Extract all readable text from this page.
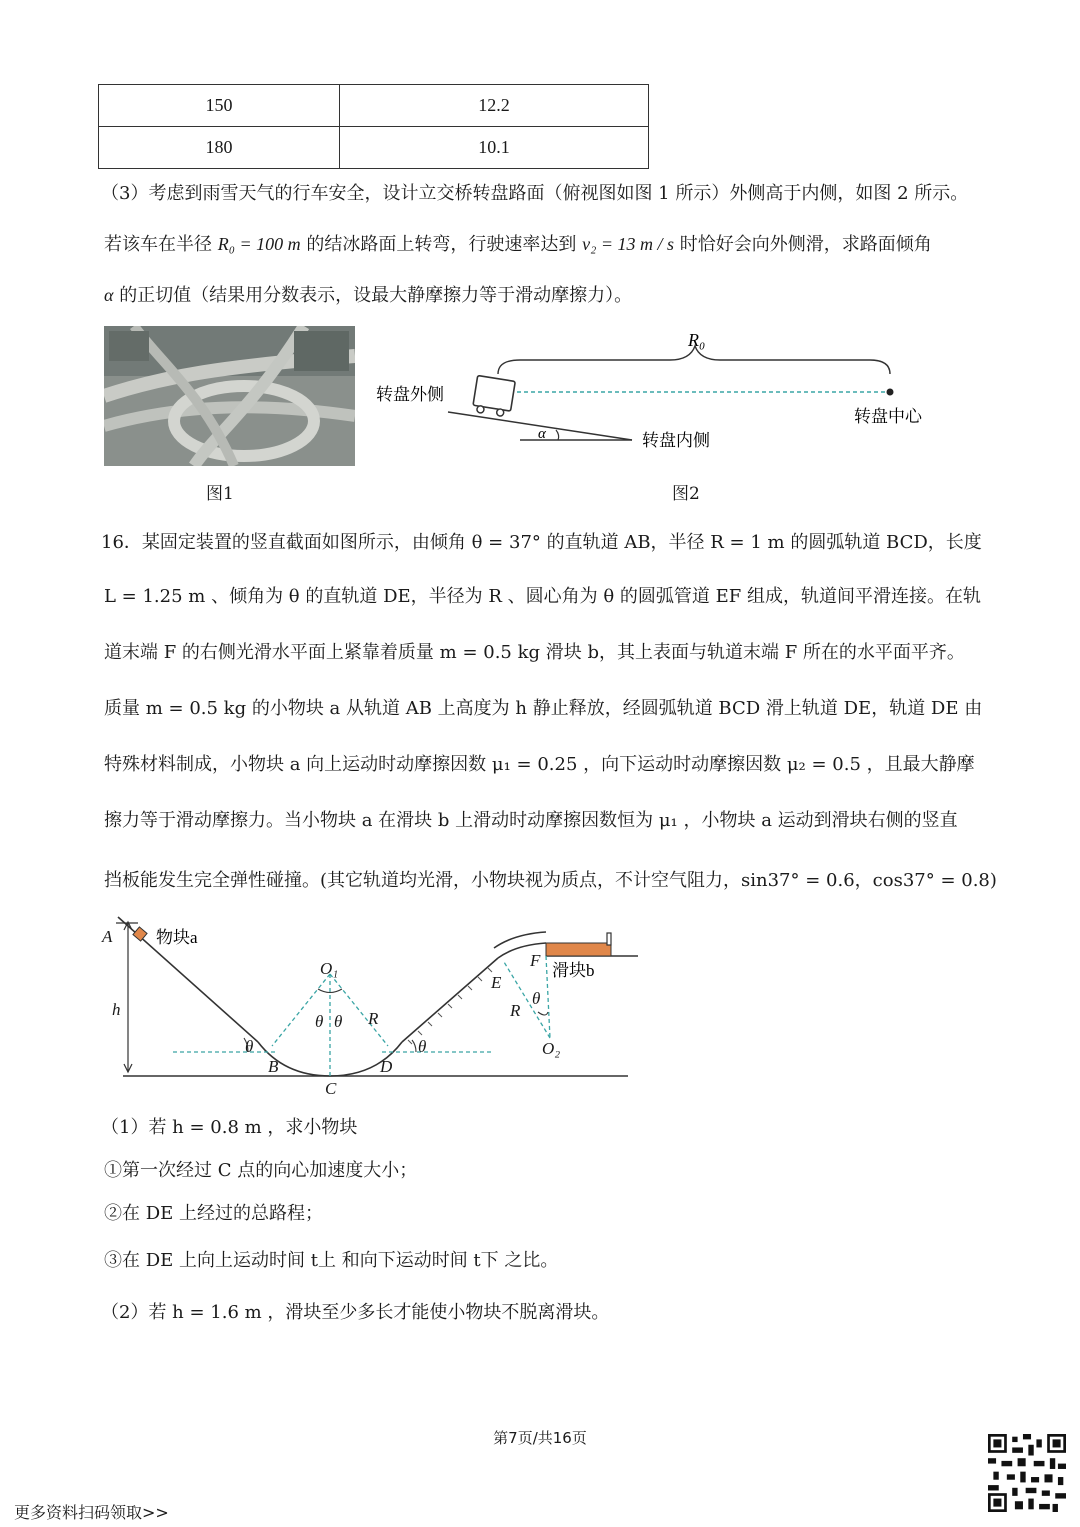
150	12.2
180	10.1
（3）考虑到雨雪天气的行车安全，设计立交桥转盘路面（俯视图如图 1 所示）外侧高于内侧，如图 2 所示。
若该车在半径 R₀ = 100 m 的结冰路面上转弯，行驶速率达到 v₂ = 13 m / s 时恰好会向外侧滑，求路面倾角
α 的正切值（结果用分数表示，设最大静摩擦力等于滑动摩擦力）。
图1
R₀
α
转盘外侧
转盘内侧
转盘中心
图2
16．某固定装置的竖直截面如图所示，由倾角 θ = 37° 的直轨道 AB，半径 R = 1 m 的圆弧轨道 BCD，长度
L = 1.25 m 、倾角为 θ 的直轨道 DE，半径为 R 、圆心角为 θ 的圆弧管道 EF 组成，轨道间平滑连接。在轨
道末端 F 的右侧光滑水平面上紧靠着质量 m = 0.5 kg 滑块 b，其上表面与轨道末端 F 所在的水平面平齐。
质量 m = 0.5 kg 的小物块 a 从轨道 AB 上高度为 h 静止释放，经圆弧轨道 BCD 滑上轨道 DE，轨道 DE 由
特殊材料制成，小物块 a 向上运动时动摩擦因数 μ₁ = 0.25 ，向下运动时动摩擦因数 μ₂ = 0.5 ，且最大静摩
擦力等于滑动摩擦力。当小物块 a 在滑块 b 上滑动时动摩擦因数恒为 μ₁ ，小物块 a 运动到滑块右侧的竖直
挡板能发生完全弹性碰撞。(其它轨道均光滑，小物块视为质点，不计空气阻力，sin37° = 0.6，cos37° = 0.8)
A
h
O₁
θ θ R
θ	θ
B
C
D
E
F
R
θ
O₂
物块a
滑块b
（1）若 h = 0.8 m ，求小物块
①第一次经过 C 点的向心加速度大小；
②在 DE 上经过的总路程；
③在 DE 上向上运动时间 t上 和向下运动时间 t下 之比。
（2）若 h = 1.6 m ，滑块至少多长才能使小物块不脱离滑块。
第7页/共16页
更多资料扫码领取>>
